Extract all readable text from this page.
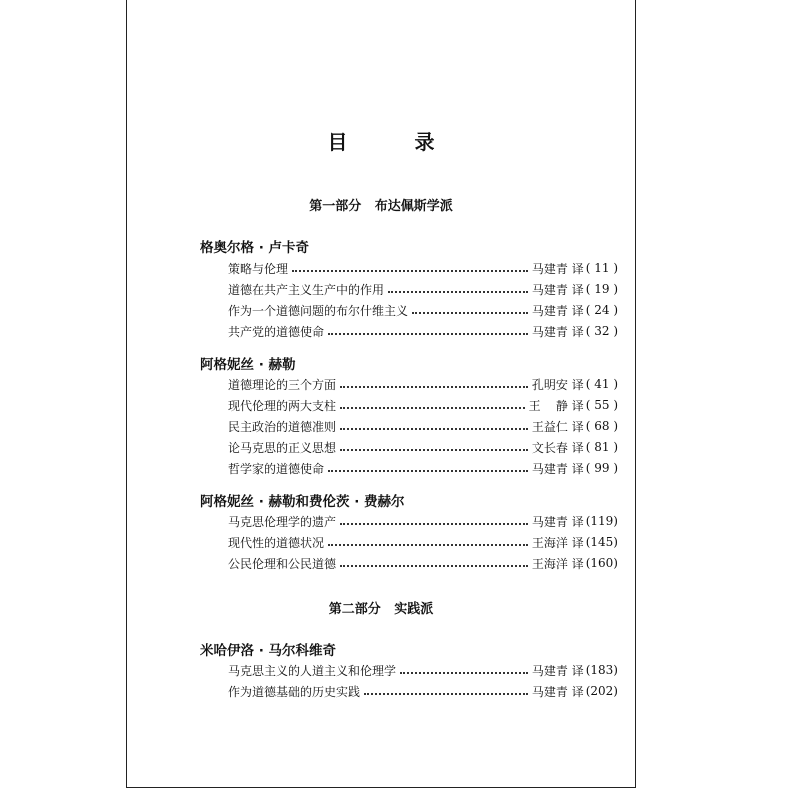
目 录
第一部分   布达佩斯学派
格奥尔格 · 卢卡奇
策略与伦理	马建青 译 ( 11 )
道德在共产主义生产中的作用	马建青 译 ( 19 )
作为一个道德问题的布尔什维主义	马建青 译 ( 24 )
共产党的道德使命	马建青 译 ( 32 )
阿格妮丝 · 赫勒
道德理论的三个方面	孔明安 译 ( 41 )
现代伦理的两大支柱	王    静 译 ( 55 )
民主政治的道德准则	王益仁 译 ( 68 )
论马克思的正义思想	文长春 译 ( 81 )
哲学家的道德使命	马建青 译 ( 99 )
阿格妮丝 · 赫勒和费伦茨 · 费赫尔
马克思伦理学的遗产	马建青 译 (119)
现代性的道德状况	王海洋 译 (145)
公民伦理和公民道德	王海洋 译 (160)
第二部分   实践派
米哈伊洛 · 马尔科维奇
马克思主义的人道主义和伦理学	马建青 译 (183)
作为道德基础的历史实践	马建青 译 (202)
